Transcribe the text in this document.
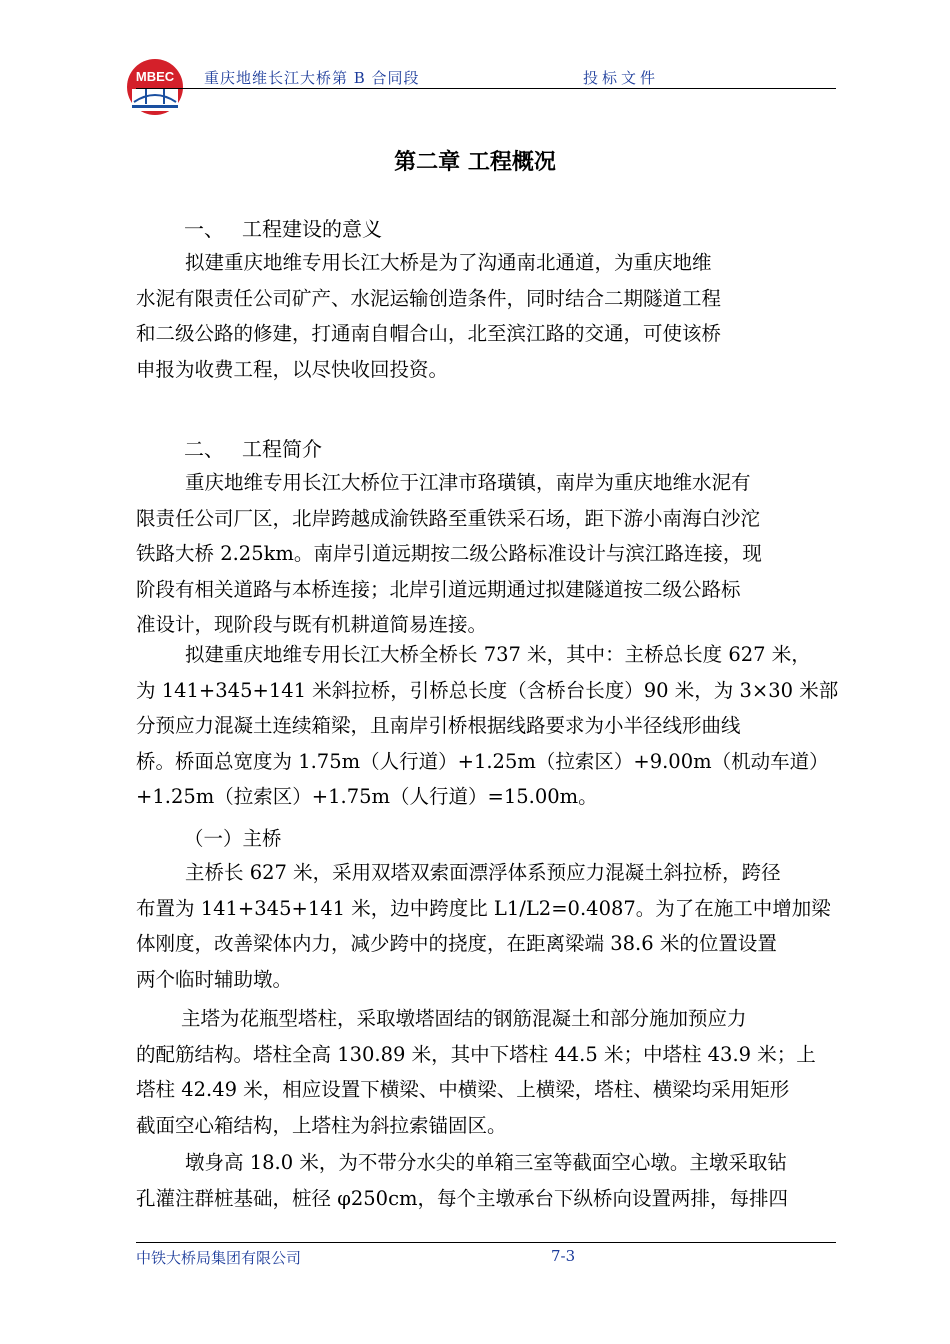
MBEC 重庆地维长江大桥第 B 合同段	投标文件
第二章 工程概况
一、 工程建设的意义
拟建重庆地维专用长江大桥是为了沟通南北通道，为重庆地维
水泥有限责任公司矿产、水泥运输创造条件，同时结合二期隧道工程
和二级公路的修建，打通南自帽合山，北至滨江路的交通，可使该桥
申报为收费工程，以尽快收回投资。
二、 工程简介
重庆地维专用长江大桥位于江津市珞璜镇，南岸为重庆地维水泥有
限责任公司厂区，北岸跨越成渝铁路至重铁采石场，距下游小南海白沙沱
铁路大桥 2.25km。南岸引道远期按二级公路标准设计与滨江路连接，现
阶段有相关道路与本桥连接；北岸引道远期通过拟建隧道按二级公路标
准设计，现阶段与既有机耕道简易连接。
拟建重庆地维专用长江大桥全桥长 737 米，其中：主桥总长度 627 米，
为 141+345+141 米斜拉桥，引桥总长度（含桥台长度）90 米，为 3×30 米部
分预应力混凝土连续箱梁，且南岸引桥根据线路要求为小半径线形曲线
桥。桥面总宽度为 1.75m（人行道）+1.25m（拉索区）+9.00m（机动车道）
+1.25m（拉索区）+1.75m（人行道）=15.00m。
（一）主桥
主桥长 627 米，采用双塔双索面漂浮体系预应力混凝土斜拉桥，跨径
布置为 141+345+141 米，边中跨度比 L1/L2=0.4087。为了在施工中增加梁
体刚度，改善梁体内力，减少跨中的挠度，在距离梁端 38.6 米的位置设置
两个临时辅助墩。
主塔为花瓶型塔柱，采取墩塔固结的钢筋混凝土和部分施加预应力
的配筋结构。塔柱全高 130.89 米，其中下塔柱 44.5 米；中塔柱 43.9 米；上
塔柱 42.49 米，相应设置下横梁、中横梁、上横梁，塔柱、横梁均采用矩形
截面空心箱结构，上塔柱为斜拉索锚固区。
墩身高 18.0 米，为不带分水尖的单箱三室等截面空心墩。主墩采取钻
孔灌注群桩基础，桩径 φ250cm，每个主墩承台下纵桥向设置两排，每排四
中铁大桥局集团有限公司	7-3
